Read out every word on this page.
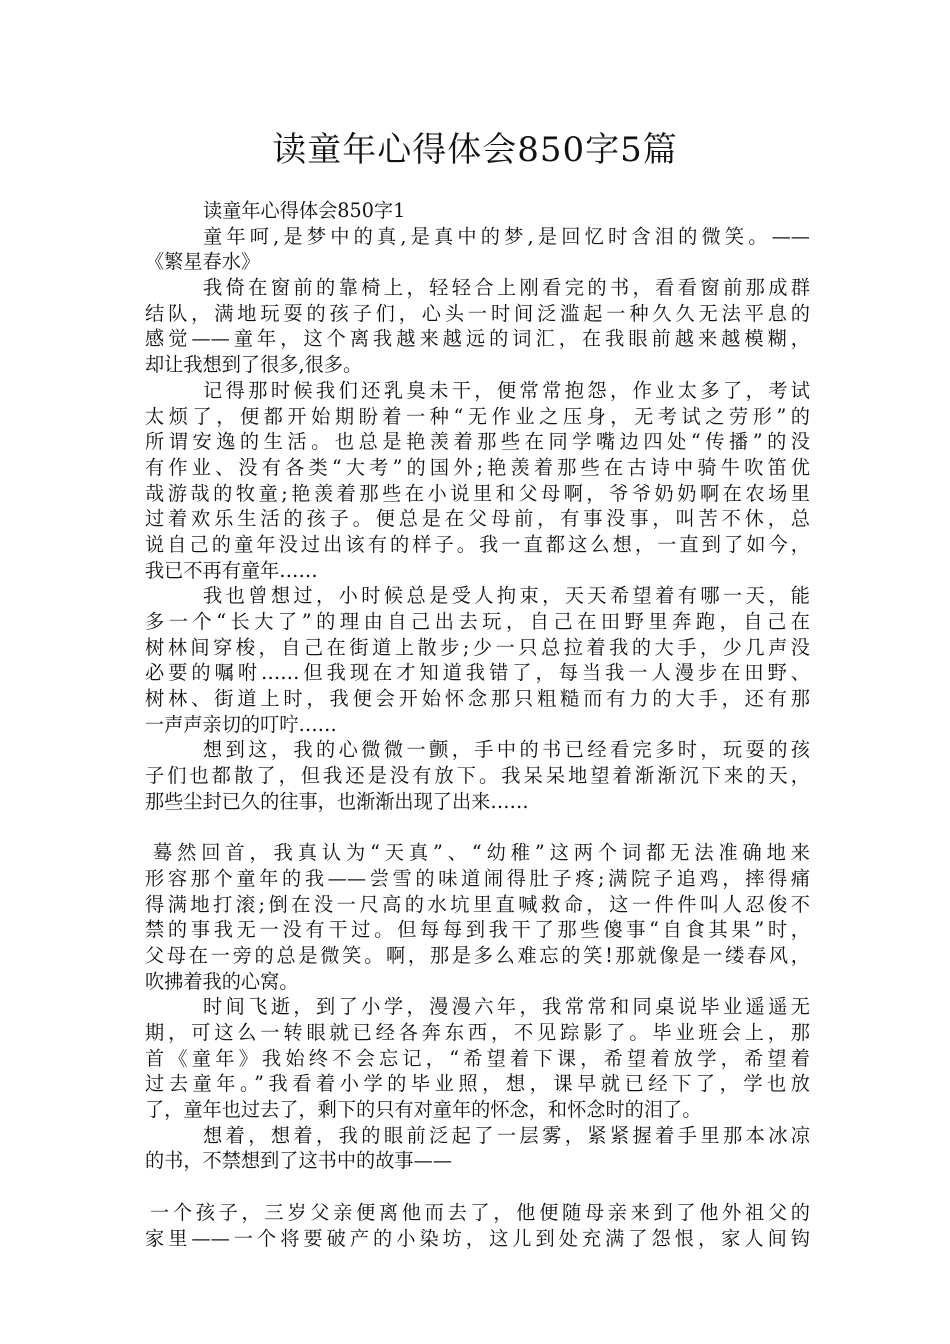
读童年心得体会850字5篇
读童年心得体会850字1
童年呵,是梦中的真,是真中的梦,是回忆时含泪的微笑。——
《繁星春水》
我倚在窗前的靠椅上，轻轻合上刚看完的书，看看窗前那成群
结队，满地玩耍的孩子们，心头一时间泛滥起一种久久无法平息的
感觉——童年，这个离我越来越远的词汇，在我眼前越来越模糊，
却让我想到了很多,很多。
记得那时候我们还乳臭未干，便常常抱怨，作业太多了，考试
太烦了，便都开始期盼着一种“无作业之压身，无考试之劳形”的
所谓安逸的生活。也总是艳羡着那些在同学嘴边四处“传播”的没
有作业、没有各类“大考”的国外;艳羡着那些在古诗中骑牛吹笛优
哉游哉的牧童;艳羡着那些在小说里和父母啊，爷爷奶奶啊在农场里
过着欢乐生活的孩子。便总是在父母前，有事没事，叫苦不休，总
说自己的童年没过出该有的样子。我一直都这么想，一直到了如今，
我已不再有童年……
我也曾想过，小时候总是受人拘束，天天希望着有哪一天，能
多一个“长大了”的理由自己出去玩，自己在田野里奔跑，自己在
树林间穿梭，自己在街道上散步;少一只总拉着我的大手，少几声没
必要的嘱咐……但我现在才知道我错了，每当我一人漫步在田野、
树林、街道上时，我便会开始怀念那只粗糙而有力的大手，还有那
一声声亲切的叮咛……
想到这，我的心微微一颤，手中的书已经看完多时，玩耍的孩
子们也都散了，但我还是没有放下。我呆呆地望着渐渐沉下来的天，
那些尘封已久的往事，也渐渐出现了出来……
蓦然回首，我真认为“天真”、“幼稚”这两个词都无法准确地来
形容那个童年的我——尝雪的味道闹得肚子疼;满院子追鸡，摔得痛
得满地打滚;倒在没一尺高的水坑里直喊救命，这一件件叫人忍俊不
禁的事我无一没有干过。但每每到我干了那些傻事“自食其果”时，
父母在一旁的总是微笑。啊，那是多么难忘的笑!那就像是一缕春风，
吹拂着我的心窝。
时间飞逝，到了小学，漫漫六年，我常常和同桌说毕业遥遥无
期，可这么一转眼就已经各奔东西，不见踪影了。毕业班会上，那
首《童年》我始终不会忘记，“希望着下课，希望着放学，希望着
过去童年。”我看着小学的毕业照，想，课早就已经下了，学也放
了，童年也过去了，剩下的只有对童年的怀念，和怀念时的泪了。
想着，想着，我的眼前泛起了一层雾，紧紧握着手里那本冰凉
的书，不禁想到了这书中的故事——
一个孩子，三岁父亲便离他而去了，他便随母亲来到了他外祖父的
家里——一个将要破产的小染坊，这儿到处充满了怨恨，家人间钩
